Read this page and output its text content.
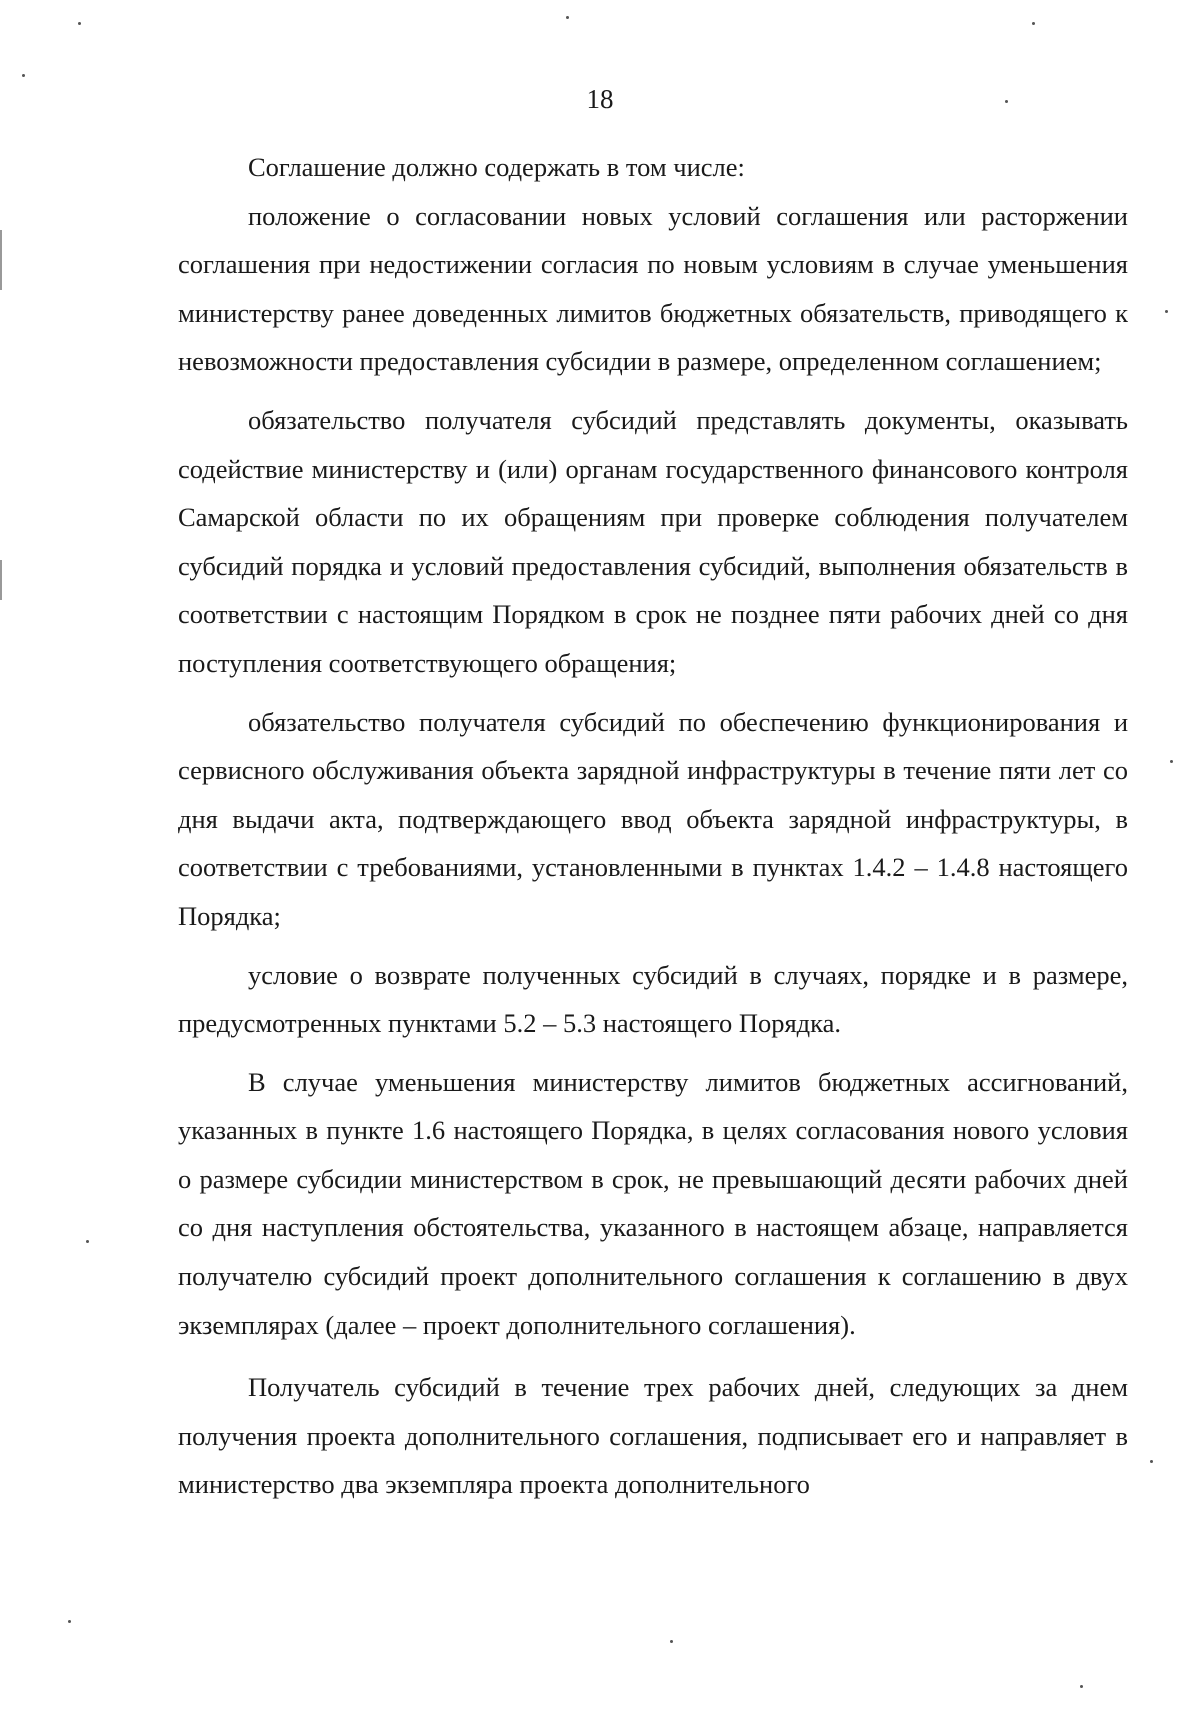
18

Соглашение должно содержать в том числе:

положение о согласовании новых условий соглашения или расторжении соглашения при недостижении согласия по новым условиям в случае уменьшения министерству ранее доведенных лимитов бюджетных обязательств, приводящего к невозможности предоставления субсидии в размере, определенном соглашением;

обязательство получателя субсидий представлять документы, оказывать содействие министерству и (или) органам государственного финансового контроля Самарской области по их обращениям при проверке соблюдения получателем субсидий порядка и условий предоставления субсидий, выполнения обязательств в соответствии с настоящим Порядком в срок не позднее пяти рабочих дней со дня поступления соответствующего обращения;

обязательство получателя субсидий по обеспечению функционирования и сервисного обслуживания объекта зарядной инфраструктуры в течение пяти лет со дня выдачи акта, подтверждающего ввод объекта зарядной инфраструктуры, в соответствии с требованиями, установленными в пунктах 1.4.2 – 1.4.8 настоящего Порядка;

условие о возврате полученных субсидий в случаях, порядке и в размере, предусмотренных пунктами 5.2 – 5.3 настоящего Порядка.

В случае уменьшения министерству лимитов бюджетных ассигнований, указанных в пункте 1.6 настоящего Порядка, в целях согласования нового условия о размере субсидии министерством в срок, не превышающий десяти рабочих дней со дня наступления обстоятельства, указанного в настоящем абзаце, направляется получателю субсидий проект дополнительного соглашения к соглашению в двух экземплярах (далее – проект дополнительного соглашения).

Получатель субсидий в течение трех рабочих дней, следующих за днем получения проекта дополнительного соглашения, подписывает его и направляет в министерство два экземпляра проекта дополнительного
